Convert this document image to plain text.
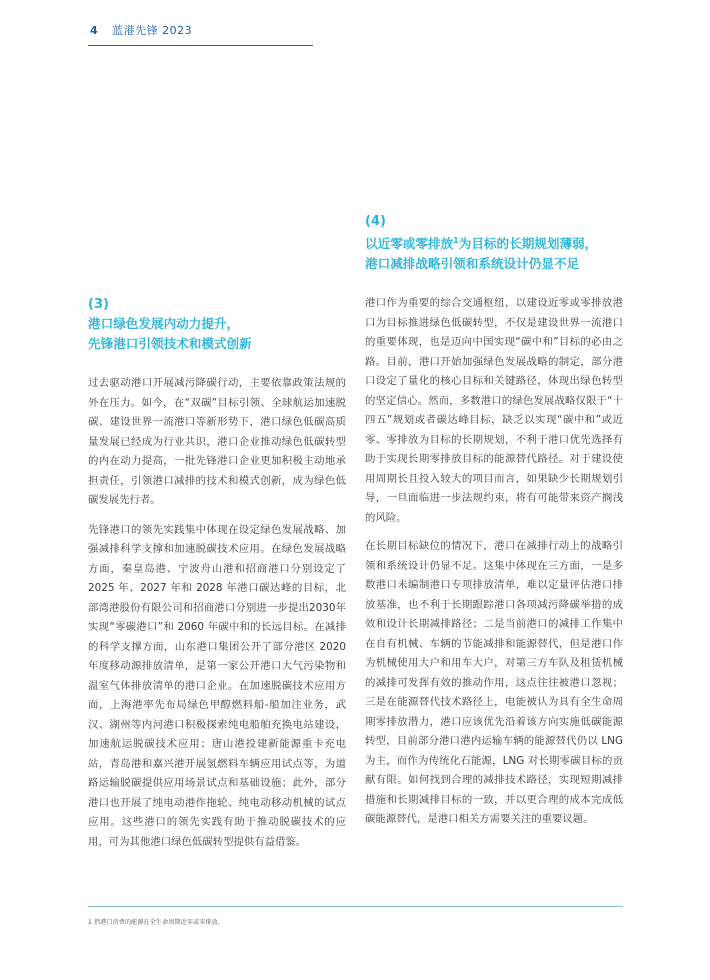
4 蓝港先锋 2023
(3)
港口绿色发展内动力提升，
先锋港口引领技术和模式创新

过去驱动港口开展减污降碳行动，主要依靠政策法规的外在压力。如今，在“双碳”目标引领、全球航运加速脱碳、建设世界一流港口等新形势下，港口绿色低碳高质量发展已经成为行业共识，港口企业推动绿色低碳转型的内在动力提高，一批先锋港口企业更加积极主动地承担责任，引领港口减排的技术和模式创新，成为绿色低碳发展先行者。

先锋港口的领先实践集中体现在设定绿色发展战略、加强减排科学支撑和加速脱碳技术应用。在绿色发展战略方面，秦皇岛港、宁波舟山港和招商港口分别设定了 2025 年、2027 年和 2028 年港口碳达峰的目标，北部湾港股份有限公司和招商港口分别进一步提出2030年实现“零碳港口”和 2060 年碳中和的长远目标。在减排的科学支撑方面，山东港口集团公开了部分港区 2020 年度移动源排放清单，是第一家公开港口大气污染物和温室气体排放清单的港口企业。在加速脱碳技术应用方面，上海港率先布局绿色甲醇燃料船-船加注业务，武汉、湖州等内河港口积极探索纯电船舶充换电站建设，加速航运脱碳技术应用；唐山港投建新能源重卡充电站，青岛港和嘉兴港开展氢燃料车辆应用试点等，为道路运输脱碳提供应用场景试点和基础设施；此外，部分港口也开展了纯电动港作拖轮、纯电动移动机械的试点应用。这些港口的领先实践有助于推动脱碳技术的应用，可为其他港口绿色低碳转型提供有益借鉴。

(4)
以近零或零排放$^1$为目标的长期规划薄弱，
港口减排战略引领和系统设计仍显不足

港口作为重要的综合交通枢纽，以建设近零或零排放港口为目标推进绿色低碳转型，不仅是建设世界一流港口的重要体现，也是迈向中国实现“碳中和”目标的必由之路。目前，港口开始加强绿色发展战略的制定，部分港口设定了量化的核心目标和关键路径，体现出绿色转型的坚定信心。然而，多数港口的绿色发展战略仅限于“十四五”规划或者碳达峰目标，缺乏以实现“碳中和”或近零、零排放为目标的长期规划，不利于港口优先选择有助于实现长期零排放目标的能源替代路径。对于建设使用周期长且投入较大的项目而言，如果缺少长期规划引导，一旦面临进一步法规约束，将有可能带来资产搁浅的风险。

在长期目标缺位的情况下，港口在减排行动上的战略引领和系统设计仍显不足。这集中体现在三方面，一是多数港口未编制港口专项排放清单，难以定量评估港口排放基准，也不利于长期跟踪港口各项减污降碳举措的成效和设计长期减排路径；二是当前港口的减排工作集中在自有机械、车辆的节能减排和能源替代，但是港口作为机械使用大户和用车大户，对第三方车队及租赁机械的减排可发挥有效的推动作用，这点往往被港口忽视；三是在能源替代技术路径上，电能被认为具有全生命周期零排放潜力，港口应该优先沿着该方向实施低碳能源转型，目前部分港口港内运输车辆的能源替代仍以 LNG 为主，而作为传统化石能源，LNG 对长期零碳目标的贡献有限。如何找到合理的减排技术路径，实现短期减排措施和长期减排目标的一致，并以更合理的成本完成低碳能源替代，是港口相关方需要关注的重要议题。

1 指港口消费的能源在全生命周期近零或零排放。
